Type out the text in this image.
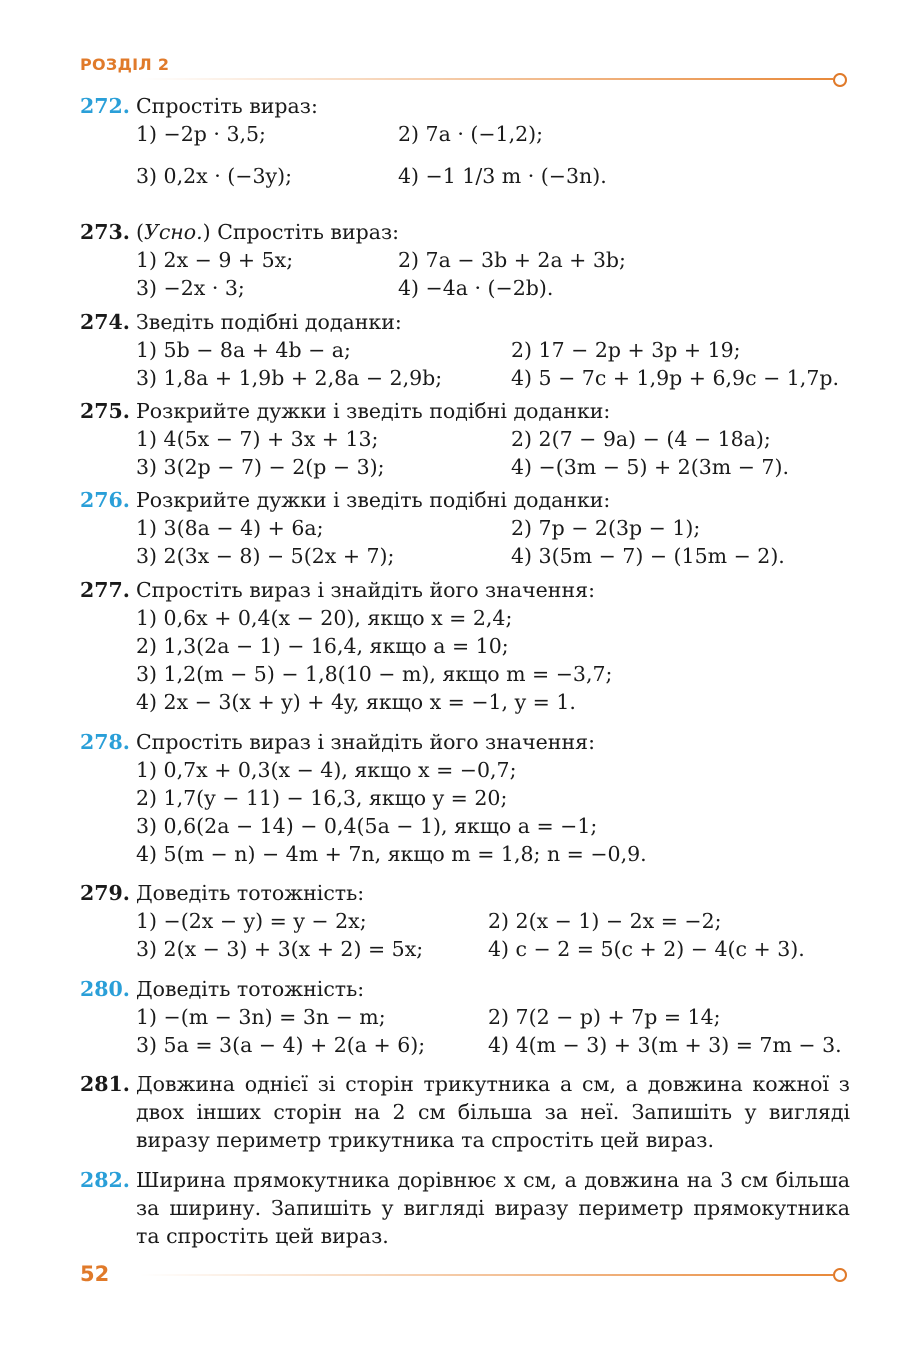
РОЗДІЛ 2
272. Спростіть вираз:
1) −2p · 3,5;	2) 7a · (−1,2);
3) 0,2x · (−3y);	4) −1 1/3 m · (−3n).
273. (Усно.) Спростіть вираз:
1) 2x − 9 + 5x;	2) 7a − 3b + 2a + 3b;
3) −2x · 3;	4) −4a · (−2b).
274. Зведіть подібні доданки:
1) 5b − 8a + 4b − a;	2) 17 − 2p + 3p + 19;
3) 1,8a + 1,9b + 2,8a − 2,9b;	4) 5 − 7c + 1,9p + 6,9c − 1,7p.
275. Розкрийте дужки і зведіть подібні доданки:
1) 4(5x − 7) + 3x + 13;	2) 2(7 − 9a) − (4 − 18a);
3) 3(2p − 7) − 2(p − 3);	4) −(3m − 5) + 2(3m − 7).
276. Розкрийте дужки і зведіть подібні доданки:
1) 3(8a − 4) + 6a;	2) 7p − 2(3p − 1);
3) 2(3x − 8) − 5(2x + 7);	4) 3(5m − 7) − (15m − 2).
277. Спростіть вираз і знайдіть його значення:
1) 0,6x + 0,4(x − 20), якщо x = 2,4;
2) 1,3(2a − 1) − 16,4, якщо a = 10;
3) 1,2(m − 5) − 1,8(10 − m), якщо m = −3,7;
4) 2x − 3(x + y) + 4y, якщо x = −1, y = 1.
278. Спростіть вираз і знайдіть його значення:
1) 0,7x + 0,3(x − 4), якщо x = −0,7;
2) 1,7(y − 11) − 16,3, якщо y = 20;
3) 0,6(2a − 14) − 0,4(5a − 1), якщо a = −1;
4) 5(m − n) − 4m + 7n, якщо m = 1,8; n = −0,9.
279. Доведіть тотожність:
1) −(2x − y) = y − 2x;	2) 2(x − 1) − 2x = −2;
3) 2(x − 3) + 3(x + 2) = 5x;	4) c − 2 = 5(c + 2) − 4(c + 3).
280. Доведіть тотожність:
1) −(m − 3n) = 3n − m;	2) 7(2 − p) + 7p = 14;
3) 5a = 3(a − 4) + 2(a + 6);	4) 4(m − 3) + 3(m + 3) = 7m − 3.
281. Довжина однієї зі сторін трикутника a см, а довжина кожної з двох інших сторін на 2 см більша за неї. Запишіть у вигляді виразу периметр трикутника та спростіть цей вираз.
282. Ширина прямокутника дорівнює x см, а довжина на 3 см більша за ширину. Запишіть у вигляді виразу периметр прямокутника та спростіть цей вираз.
52
